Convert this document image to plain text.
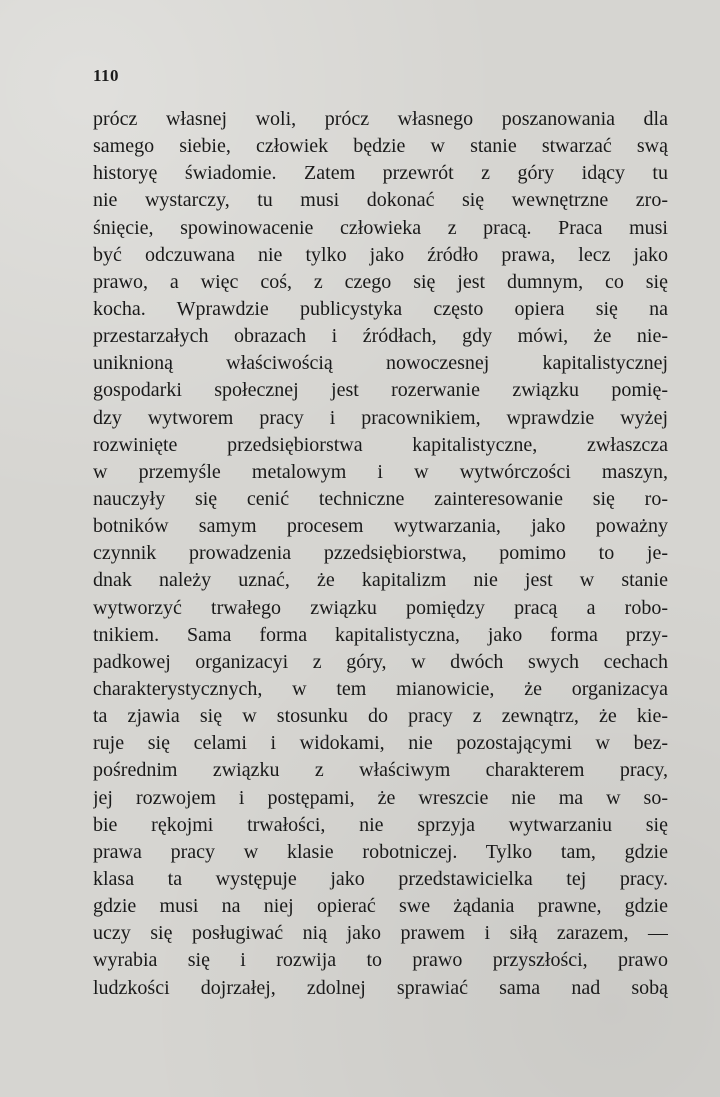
110
prócz własnej woli, prócz własnego poszanowania dla
samego siebie, człowiek będzie w stanie stwarzać swą
historyę świadomie. Zatem przewrót z góry idący tu
nie wystarczy, tu musi dokonać się wewnętrzne zro-
śnięcie, spowinowacenie człowieka z pracą. Praca musi
być odczuwana nie tylko jako źródło prawa, lecz jako
prawo, a więc coś, z czego się jest dumnym, co się
kocha. Wprawdzie publicystyka często opiera się na
przestarzałych obrazach i źródłach, gdy mówi, że nie-
uniknioną właściwością nowoczesnej kapitalistycznej
gospodarki społecznej jest rozerwanie związku pomię-
dzy wytworem pracy i pracownikiem, wprawdzie wyżej
rozwinięte przedsiębiorstwa kapitalistyczne, zwłaszcza
w przemyśle metalowym i w wytwórczości maszyn,
nauczyły się cenić techniczne zainteresowanie się ro-
botników samym procesem wytwarzania, jako poważny
czynnik prowadzenia pzzedsiębiorstwa, pomimo to je-
dnak należy uznać, że kapitalizm nie jest w stanie
wytworzyć trwałego związku pomiędzy pracą a robo-
tnikiem. Sama forma kapitalistyczna, jako forma przy-
padkowej organizacyi z góry, w dwóch swych cechach
charakterystycznych, w tem mianowicie, że organizacya
ta zjawia się w stosunku do pracy z zewnątrz, że kie-
ruje się celami i widokami, nie pozostającymi w bez-
pośrednim związku z właściwym charakterem pracy,
jej rozwojem i postępami, że wreszcie nie ma w so-
bie rękojmi trwałości, nie sprzyja wytwarzaniu się
prawa pracy w klasie robotniczej. Tylko tam, gdzie
klasa ta występuje jako przedstawicielka tej pracy.
gdzie musi na niej opierać swe żądania prawne, gdzie
uczy się posługiwać nią jako prawem i siłą zarazem, —
wyrabia się i rozwija to prawo przyszłości, prawo
ludzkości dojrzałej, zdolnej sprawiać sama nad sobą
